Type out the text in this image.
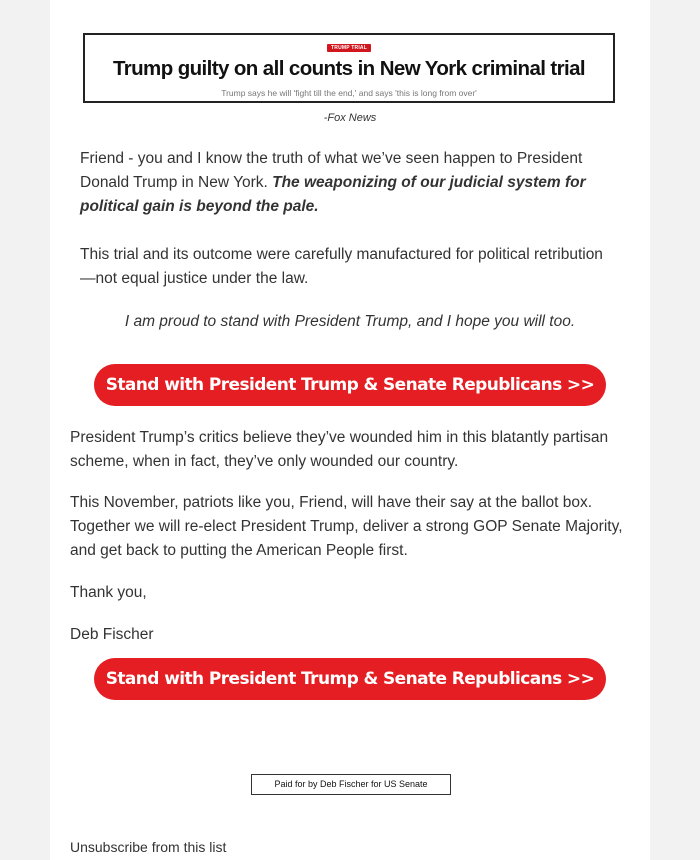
TRUMP TRIAL
Trump guilty on all counts in New York criminal trial
Trump says he will 'fight till the end,' and says 'this is long from over'
-Fox News
Friend - you and I know the truth of what we’ve seen happen to President Donald Trump in New York. The weaponizing of our judicial system for political gain is beyond the pale.
This trial and its outcome were carefully manufactured for political retribution —not equal justice under the law.
I am proud to stand with President Trump, and I hope you will too.
Stand with President Trump & Senate Republicans >>
President Trump’s critics believe they’ve wounded him in this blatantly partisan scheme, when in fact, they’ve only wounded our country.
This November, patriots like you, Friend, will have their say at the ballot box. Together we will re-elect President Trump, deliver a strong GOP Senate Majority, and get back to putting the American People first.
Thank you,
Deb Fischer
Stand with President Trump & Senate Republicans >>
Paid for by Deb Fischer for US Senate
Unsubscribe from this list
